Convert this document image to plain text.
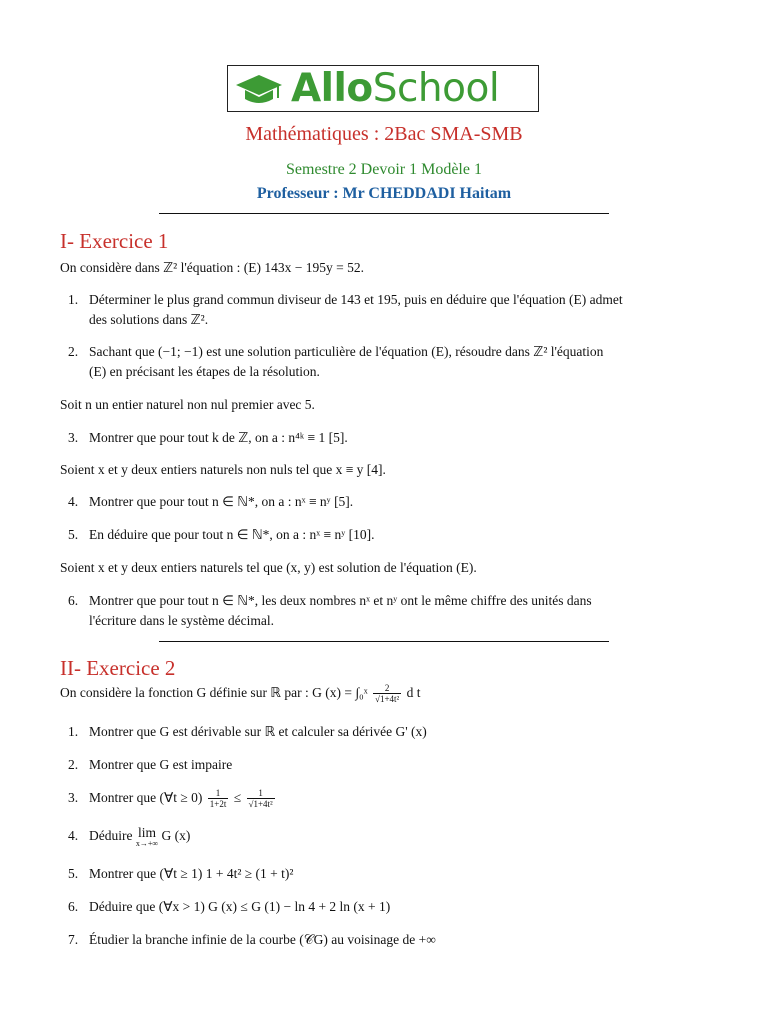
AlloSchool
Mathématiques : 2Bac SMA-SMB
Semestre 2 Devoir 1 Modèle 1
Professeur : Mr CHEDDADI Haitam
I- Exercice 1
On considère dans ℤ² l'équation : (E) 143x − 195y = 52.
1. Déterminer le plus grand commun diviseur de 143 et 195, puis en déduire que l'équation (E) admet
des solutions dans ℤ².
2. Sachant que (−1; −1) est une solution particulière de l'équation (E), résoudre dans ℤ² l'équation
(E) en précisant les étapes de la résolution.
Soit n un entier naturel non nul premier avec 5.
3. Montrer que pour tout k de ℤ, on a : n⁴ᵏ ≡ 1 [5].
Soient x et y deux entiers naturels non nuls tel que x ≡ y [4].
4. Montrer que pour tout n ∈ ℕ*, on a : nˣ ≡ nʸ [5].
5. En déduire que pour tout n ∈ ℕ*, on a : nˣ ≡ nʸ [10].
Soient x et y deux entiers naturels tel que (x, y) est solution de l'équation (E).
6. Montrer que pour tout n ∈ ℕ*, les deux nombres nˣ et nʸ ont le même chiffre des unités dans
l'écriture dans le système décimal.
II- Exercice 2
On considère la fonction G définie sur ℝ par : G (x) = ∫₀ˣ $\frac{2}{\text{√1+4t²}}$ d t
1. Montrer que G est dérivable sur ℝ et calculer sa dérivée G' (x)
2. Montrer que G est impaire
3. Montrer que (∀t ≥ $0) \frac{1}{1+2t} \le \frac{1}{\text{√1+4t²}}$
4. Déduire lim
x→+∞
G (x)
5. Montrer que (∀t ≥ 1) 1 + 4t² ≥ (1 + t)²
6. Déduire que (∀x > 1) G (x) ≤ G (1) − ln 4 + 2 ln (x + 1)
7. Étudier la branche infinie de la courbe (𝒞G) au voisinage de +∞
